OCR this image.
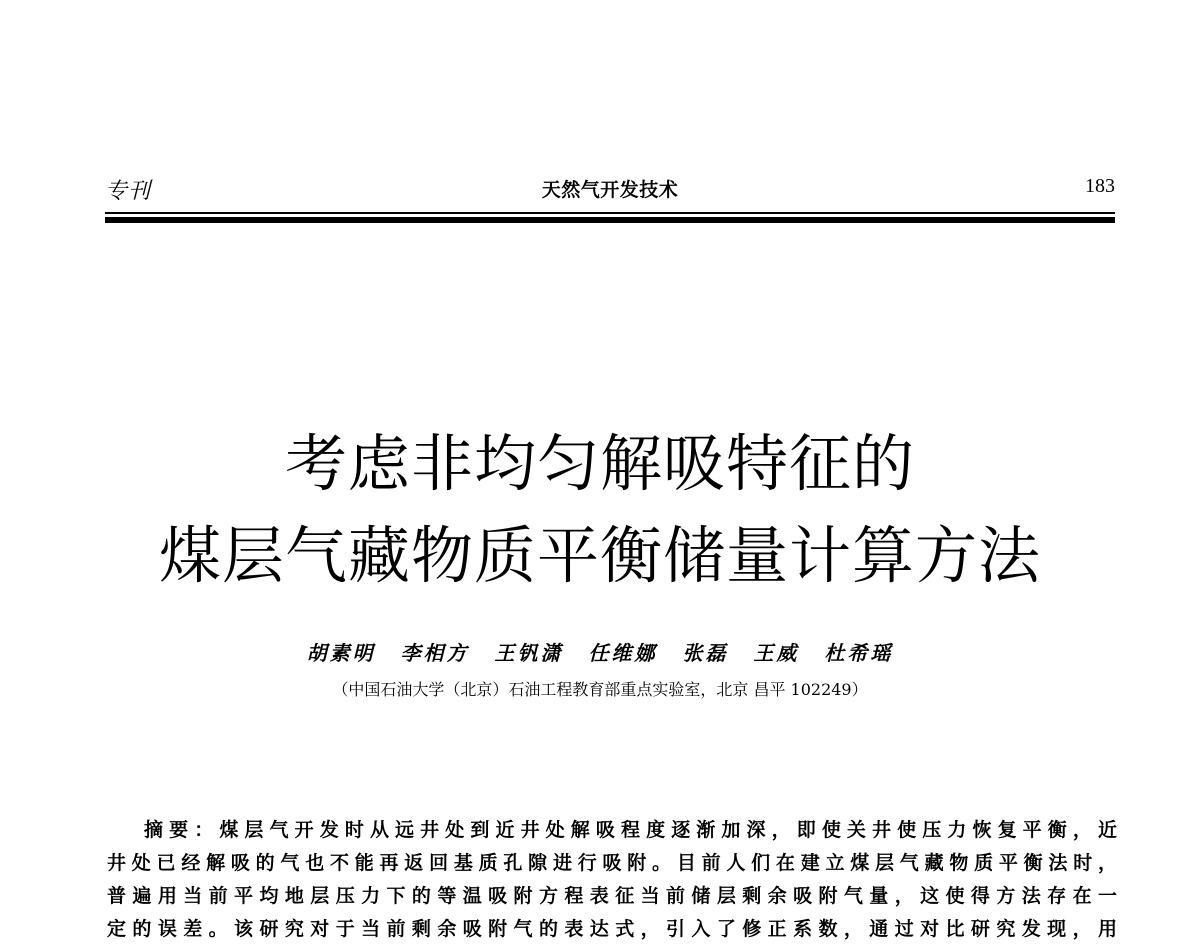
专刊	天然气开发技术	183
考虑非均匀解吸特征的
煤层气藏物质平衡储量计算方法
胡素明 李相方 王钒潇 任维娜 张磊 王威 杜希瑶
（中国石油大学（北京）石油工程教育部重点实验室，北京 昌平 102249）
摘要：煤层气开发时从远井处到近井处解吸程度逐渐加深，即使关井使压力恢复平衡，近
井处已经解吸的气也不能再返回基质孔隙进行吸附。目前人们在建立煤层气藏物质平衡法时，
普遍用当前平均地层压力下的等温吸附方程表征当前储层剩余吸附气量，这使得方法存在一
定的误差。该研究对于当前剩余吸附气的表达式，引入了修正系数，通过对比研究发现，用
